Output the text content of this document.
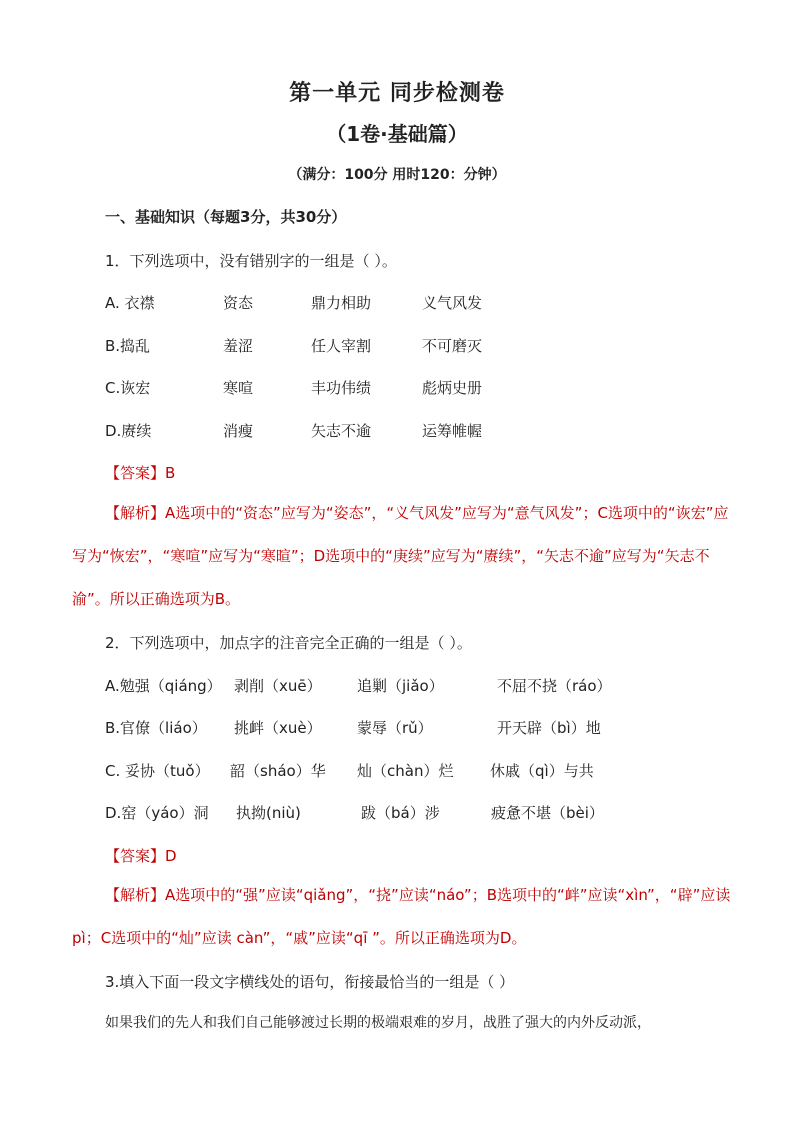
第一单元 同步检测卷
（1卷·基础篇）
（满分：100分 用时120：分钟）
一、基础知识（每题3分，共30分）
1．下列选项中，没有错别字的一组是（ ）。
A. 衣襟	资态	鼎力相助	义气风发
B.捣乱	羞涩	任人宰割	不可磨灭
C.诙宏	寒喧	丰功伟绩	彪炳史册
D.赓续	消瘦	矢志不逾	运筹帷幄
【答案】B
【解析】A选项中的“资态”应写为“姿态”，“义气风发”应写为“意气风发”；C选项中的“诙宏”应写为“恢宏”，“寒喧”应写为“寒暄”；D选项中的“庚续”应写为“赓续”，“矢志不逾”应写为“矢志不渝”。所以正确选项为B。
2．下列选项中，加点字的注音完全正确的一组是（ ）。
A.勉强（qiáng） 剥削（xuē） 追剿（jiǎo）	不屈不挠（ráo）
B.官僚（liáo） 挑衅（xuè） 蒙辱（rǔ）	开天辟（bì）地
C. 妥协（tuǒ） 韶（sháo）华 灿（chàn）烂 休戚（qì）与共
D.窑（yáo）洞 执拗(niù)	跋（bá）涉	疲惫不堪（bèi）
【答案】D
【解析】A选项中的“强”应读“qiǎng”，“挠”应读“náo”；B选项中的“衅”应读“xìn”，“辟”应读 pì；C选项中的“灿”应读 càn”，“戚”应读“qī ”。所以正确选项为D。
3.填入下面一段文字横线处的语句，衔接最恰当的一组是（ ）
如果我们的先人和我们自己能够渡过长期的极端艰难的岁月，战胜了强大的内外反动派，
